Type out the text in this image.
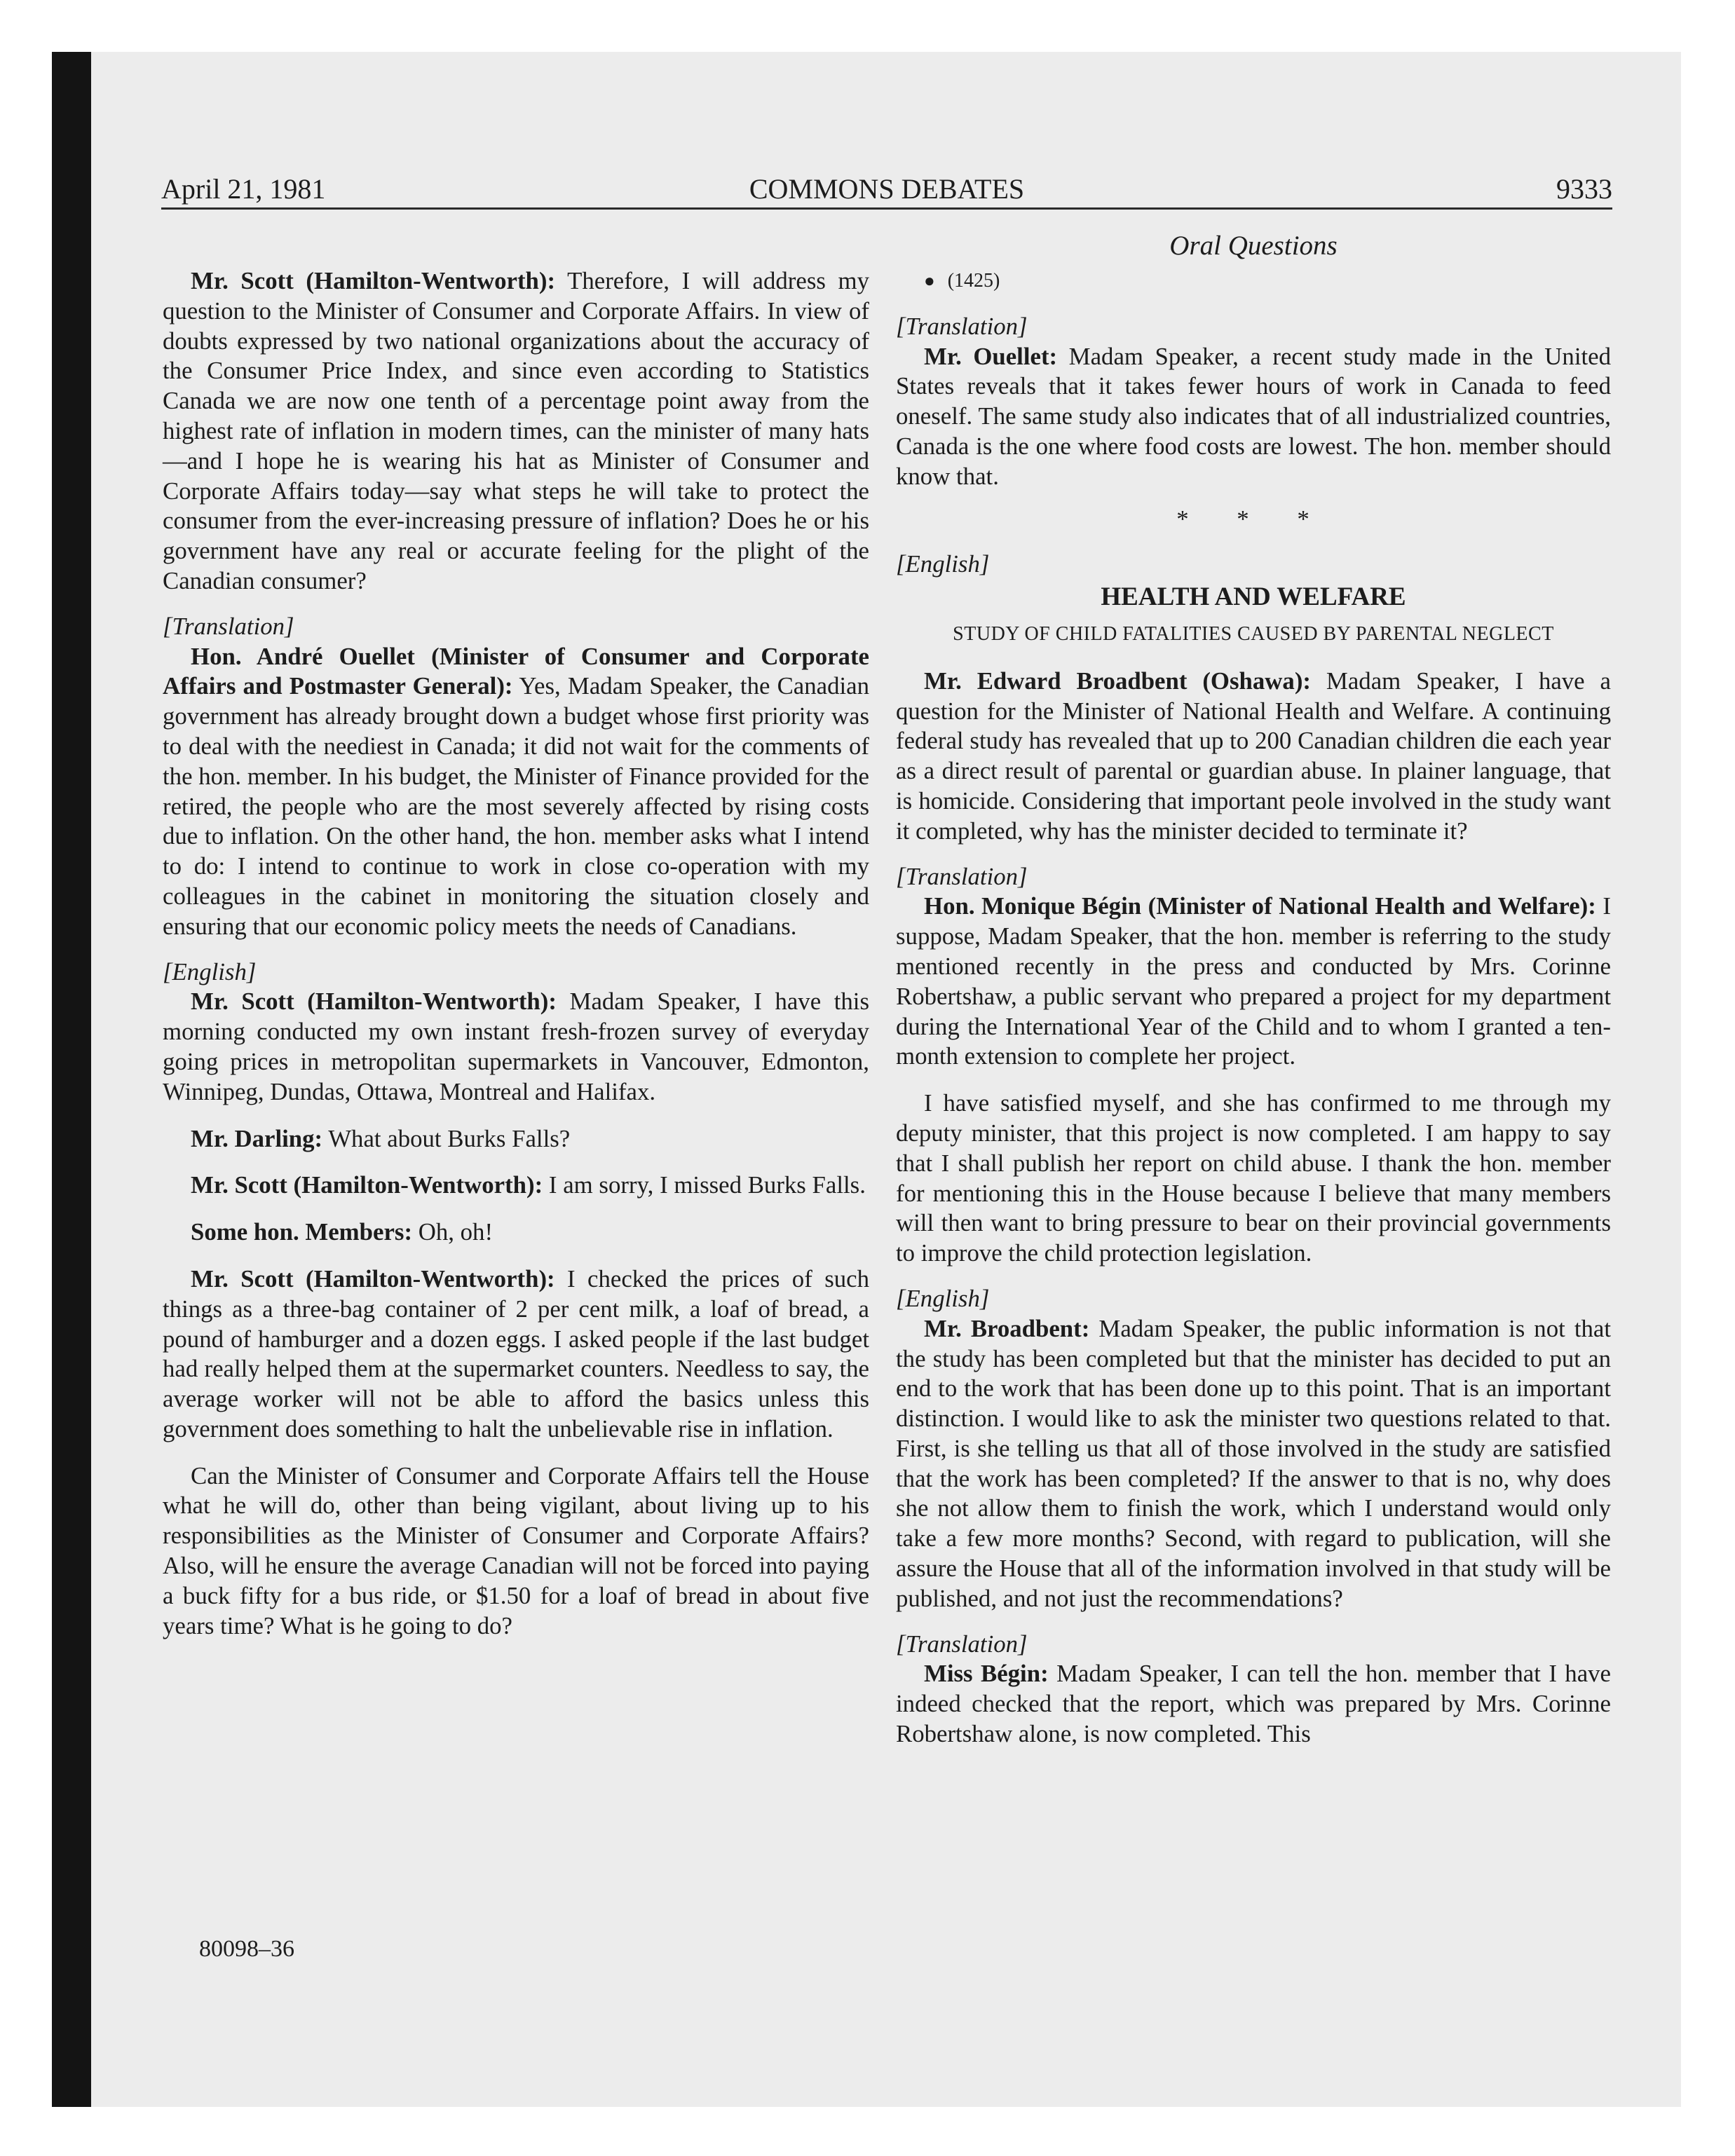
April 21, 1981	COMMONS DEBATES	9333
Oral Questions

Mr. Scott (Hamilton-Wentworth): Therefore, I will address my question to the Minister of Consumer and Corporate Affairs. In view of doubts expressed by two national organizations about the accuracy of the Consumer Price Index, and since even according to Statistics Canada we are now one tenth of a percentage point away from the highest rate of inflation in modern times, can the minister of many hats—and I hope he is wearing his hat as Minister of Consumer and Corporate Affairs today—say what steps he will take to protect the consumer from the ever-increasing pressure of inflation? Does he or his government have any real or accurate feeling for the plight of the Canadian consumer?

[Translation]

Hon. André Ouellet (Minister of Consumer and Corporate Affairs and Postmaster General): Yes, Madam Speaker, the Canadian government has already brought down a budget whose first priority was to deal with the neediest in Canada; it did not wait for the comments of the hon. member. In his budget, the Minister of Finance provided for the retired, the people who are the most severely affected by rising costs due to inflation. On the other hand, the hon. member asks what I intend to do: I intend to continue to work in close co-operation with my colleagues in the cabinet in monitoring the situation closely and ensuring that our economic policy meets the needs of Canadians.

[English]

Mr. Scott (Hamilton-Wentworth): Madam Speaker, I have this morning conducted my own instant fresh-frozen survey of everyday going prices in metropolitan supermarkets in Vancouver, Edmonton, Winnipeg, Dundas, Ottawa, Montreal and Halifax.

Mr. Darling: What about Burks Falls?

Mr. Scott (Hamilton-Wentworth): I am sorry, I missed Burks Falls.

Some hon. Members: Oh, oh!

Mr. Scott (Hamilton-Wentworth): I checked the prices of such things as a three-bag container of 2 per cent milk, a loaf of bread, a pound of hamburger and a dozen eggs. I asked people if the last budget had really helped them at the supermarket counters. Needless to say, the average worker will not be able to afford the basics unless this government does something to halt the unbelievable rise in inflation.

Can the Minister of Consumer and Corporate Affairs tell the House what he will do, other than being vigilant, about living up to his responsibilities as the Minister of Consumer and Corporate Affairs? Also, will he ensure the average Canadian will not be forced into paying a buck fifty for a bus ride, or $1.50 for a loaf of bread in about five years time? What is he going to do?

● (1425)

[Translation]

Mr. Ouellet: Madam Speaker, a recent study made in the United States reveals that it takes fewer hours of work in Canada to feed oneself. The same study also indicates that of all industrialized countries, Canada is the one where food costs are lowest. The hon. member should know that.

* * *

[English]

HEALTH AND WELFARE

STUDY OF CHILD FATALITIES CAUSED BY PARENTAL NEGLECT

Mr. Edward Broadbent (Oshawa): Madam Speaker, I have a question for the Minister of National Health and Welfare. A continuing federal study has revealed that up to 200 Canadian children die each year as a direct result of parental or guardian abuse. In plainer language, that is homicide. Considering that important peole involved in the study want it completed, why has the minister decided to terminate it?

[Translation]

Hon. Monique Bégin (Minister of National Health and Welfare): I suppose, Madam Speaker, that the hon. member is referring to the study mentioned recently in the press and conducted by Mrs. Corinne Robertshaw, a public servant who prepared a project for my department during the International Year of the Child and to whom I granted a ten-month extension to complete her project.

I have satisfied myself, and she has confirmed to me through my deputy minister, that this project is now completed. I am happy to say that I shall publish her report on child abuse. I thank the hon. member for mentioning this in the House because I believe that many members will then want to bring pressure to bear on their provincial governments to improve the child protection legislation.

[English]

Mr. Broadbent: Madam Speaker, the public information is not that the study has been completed but that the minister has decided to put an end to the work that has been done up to this point. That is an important distinction. I would like to ask the minister two questions related to that. First, is she telling us that all of those involved in the study are satisfied that the work has been completed? If the answer to that is no, why does she not allow them to finish the work, which I understand would only take a few more months? Second, with regard to publication, will she assure the House that all of the information involved in that study will be published, and not just the recommendations?

[Translation]

Miss Bégin: Madam Speaker, I can tell the hon. member that I have indeed checked that the report, which was prepared by Mrs. Corinne Robertshaw alone, is now completed. This

80098–36
